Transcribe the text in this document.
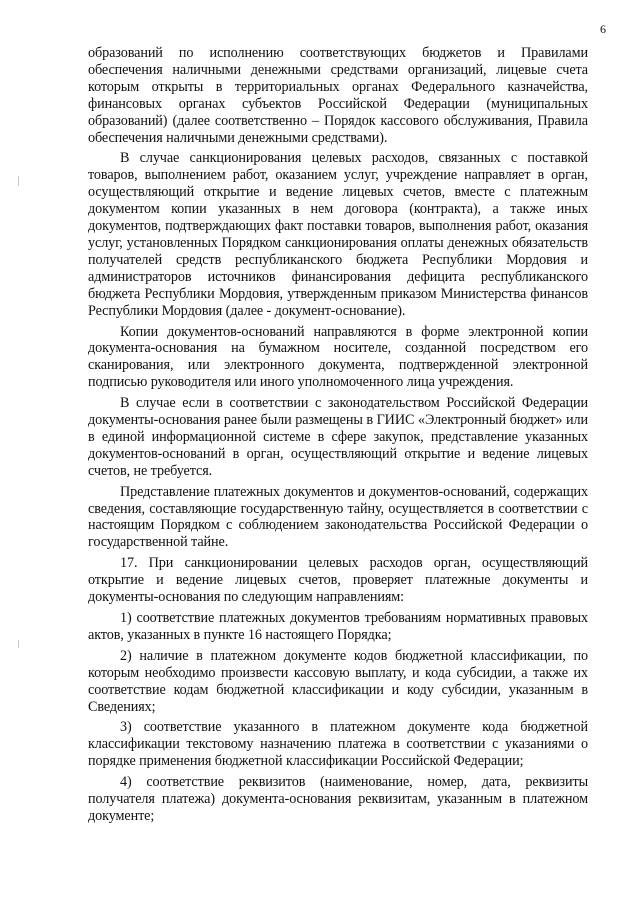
6

образований по исполнению соответствующих бюджетов и Правилами обеспечения наличными денежными средствами организаций, лицевые счета которым открыты в территориальных органах Федерального казначейства, финансовых органах субъектов Российской Федерации (муниципальных образований) (далее соответственно – Порядок кассового обслуживания, Правила обеспечения наличными денежными средствами).

В случае санкционирования целевых расходов, связанных с поставкой товаров, выполнением работ, оказанием услуг, учреждение направляет в орган, осуществляющий открытие и ведение лицевых счетов, вместе с платежным документом копии указанных в нем договора (контракта), а также иных документов, подтверждающих факт поставки товаров, выполнения работ, оказания услуг, установленных Порядком санкционирования оплаты денежных обязательств получателей средств республиканского бюджета Республики Мордовия и администраторов источников финансирования дефицита республиканского бюджета Республики Мордовия, утвержденным приказом Министерства финансов Республики Мордовия (далее - документ-основание).

Копии документов-оснований направляются в форме электронной копии документа-основания на бумажном носителе, созданной посредством его сканирования, или электронного документа, подтвержденной электронной подписью руководителя или иного уполномоченного лица учреждения.

В случае если в соответствии с законодательством Российской Федерации документы-основания ранее были размещены в ГИИС «Электронный бюджет» или в единой информационной системе в сфере закупок, представление указанных документов-оснований в орган, осуществляющий открытие и ведение лицевых счетов, не требуется.

Представление платежных документов и документов-оснований, содержащих сведения, составляющие государственную тайну, осуществляется в соответствии с настоящим Порядком с соблюдением законодательства Российской Федерации о государственной тайне.

17. При санкционировании целевых расходов орган, осуществляющий открытие и ведение лицевых счетов, проверяет платежные документы и документы-основания по следующим направлениям:

1) соответствие платежных документов требованиям нормативных правовых актов, указанных в пункте 16 настоящего Порядка;

2) наличие в платежном документе кодов бюджетной классификации, по которым необходимо произвести кассовую выплату, и кода субсидии, а также их соответствие кодам бюджетной классификации и коду субсидии, указанным в Сведениях;

3) соответствие указанного в платежном документе кода бюджетной классификации текстовому назначению платежа в соответствии с указаниями о порядке применения бюджетной классификации Российской Федерации;

4) соответствие реквизитов (наименование, номер, дата, реквизиты получателя платежа) документа-основания реквизитам, указанным в платежном документе;
